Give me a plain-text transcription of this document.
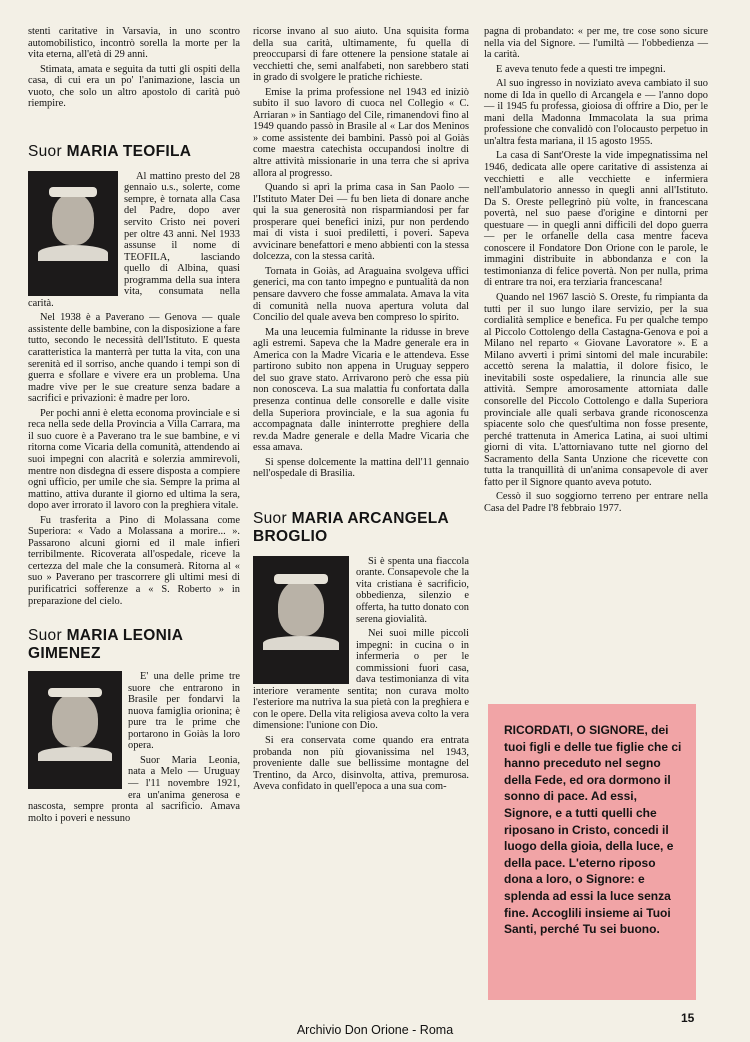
stenti caritative in Varsavia, in uno scontro automobilistico, incontrò sorella la morte per la vita eterna, all'età di 29 anni.

Stimata, amata e seguita da tutti gli ospiti della casa, di cui era un po' l'animazione, lascia un vuoto, che solo un altro apostolo di carità può riempire.

Suor MARIA TEOFILA

Al mattino presto del 28 gennaio u.s., solerte, come sempre, è tornata alla Casa del Padre, dopo aver servito Cristo nei poveri per oltre 43 anni. Nel 1933 assunse il nome di TEOFILA, lasciando quello di Albina, quasi programma della sua intera vita, consumata nella carità.

Nel 1938 è a Paverano — Genova — quale assistente delle bambine, con la disposizione a fare tutto, secondo le necessità dell'Istituto. E questa caratteristica la manterrà per tutta la vita, con una serenità ed il sorriso, anche quando i tempi son di guerra e sfollare e vivere era un problema. Una madre vive per le sue creature senza badare a sacrifici e privazioni: è madre per loro.

Per pochi anni è eletta economa provinciale e si reca nella sede della Provincia a Villa Carrara, ma il suo cuore è a Paverano tra le sue bambine, e vi ritorna come Vicaria della comunità, attendendo ai suoi impegni con alacrità e solerzia ammirevoli, mentre non disdegna di essere disposta a compiere ogni ufficio, per umile che sia. Sempre la prima al mattino, attiva durante il giorno ed ultima la sera, dopo aver irrorato il lavoro con la preghiera vitale.

Fu trasferita a Pino di Molassana come Superiora: « Vado a Molassana a morire... ». Passarono alcuni giorni ed il male infierì terribilmente. Ricoverata all'ospedale, riceve la certezza del male che la consumerà. Ritorna al « suo » Paverano per trascorrere gli ultimi mesi di purificatrici sofferenze a « S. Roberto » in preparazione del cielo.

Suor MARIA LEONIA
GIMENEZ

E' una delle prime tre suore che entrarono in Brasile per fondarvi la nuova famiglia orionina; è pure tra le prime che portarono in Goiàs la loro opera.

Suor Maria Leonia, nata a Melo — Uruguay — l'11 novembre 1921, era un'anima generosa e nascosta, sempre pronta al sacrificio. Amava molto i poveri e nessuno

ricorse invano al suo aiuto. Una squisita forma della sua carità, ultimamente, fu quella di preoccuparsi di fare ottenere la pensione statale ai vecchietti che, semi analfabeti, non sarebbero stati in grado di svolgere le pratiche richieste.

Emise la prima professione nel 1943 ed iniziò subito il suo lavoro di cuoca nel Collegio « C. Arriaran » in Santiago del Cile, rimanendovi fino al 1949 quando passò in Brasile al « Lar dos Meninos » come assistente dei bambini. Passò poi al Goiàs come maestra catechista occupandosi inoltre di altre attività missionarie in una terra che si apriva allora al progresso.

Quando si aprì la prima casa in San Paolo — l'Istituto Mater Dei — fu ben lieta di donare anche qui la sua generosità non risparmiandosi per far prosperare quei benefici inizi, pur non perdendo mai di vista i suoi prediletti, i poveri. Sapeva avvicinare benefattori e meno abbienti con la stessa dolcezza, con la stessa carità.

Tornata in Goiàs, ad Araguaina svolgeva uffici generici, ma con tanto impegno e puntualità da non pensare davvero che fosse ammalata. Amava la vita di comunità nella nuova apertura voluta dal Concilio del quale aveva ben compreso lo spirito.

Ma una leucemia fulminante la ridusse in breve agli estremi. Sapeva che la Madre generale era in America con la Madre Vicaria e le attendeva. Esse partirono subito non appena in Uruguay seppero del suo grave stato. Arrivarono però che essa più non conosceva. La sua malattia fu confortata dalla presenza continua delle consorelle e dalle visite della Superiora provinciale, e la sua agonia fu accompagnata dalle ininterrotte preghiere della rev.da Madre generale e della Madre Vicaria che essa amava.

Si spense dolcemente la mattina dell'11 gennaio nell'ospedale di Brasilia.

Suor MARIA ARCANGELA
BROGLIO

Si è spenta una fiaccola orante. Consapevole che la vita cristiana è sacrificio, obbedienza, silenzio e offerta, ha tutto donato con serena giovialità.

Nei suoi mille piccoli impegni: in cucina o in infermeria o per le commissioni fuori casa, dava testimonianza di vita interiore veramente sentita; non curava molto l'esteriore ma nutriva la sua pietà con la preghiera e con le opere. Della vita religiosa aveva colto la vera dimensione: l'unione con Dio.

Si era conservata come quando era entrata probanda non più giovanissima nel 1943, proveniente dalle sue bellissime montagne del Trentino, da Arco, disinvolta, attiva, premurosa. Aveva confidato in quell'epoca a una sua com-

pagna di probandato: « per me, tre cose sono sicure nella via del Signore. — l'umiltà — l'obbedienza — la carità.

E aveva tenuto fede a questi tre impegni.

Al suo ingresso in noviziato aveva cambiato il suo nome di Ida in quello di Arcangela e — l'anno dopo — il 1945 fu professa, gioiosa di offrire a Dio, per le mani della Madonna Immacolata la sua prima professione che convalidò con l'olocausto perpetuo in un'altra festa mariana, il 15 agosto 1955.

La casa di Sant'Oreste la vide impegnatissima nel 1946, dedicata alle opere caritative di assistenza ai vecchietti e alle vecchiette e infermiera nell'ambulatorio annesso in quegli anni all'Istituto. Da S. Oreste pellegrinò più volte, in francescana povertà, nel suo paese d'origine e dintorni per questuare — in quegli anni difficili del dopo guerra — per le orfanelle della casa mentre faceva conoscere il Fondatore Don Orione con le parole, le immagini distribuite in abbondanza e con la testimonianza di felice povertà. Non per nulla, prima di entrare tra noi, era terziaria francescana!

Quando nel 1967 lasciò S. Oreste, fu rimpianta da tutti per il suo lungo ilare servizio, per la sua cordialità semplice e benefica. Fu per qualche tempo al Piccolo Cottolengo della Castagna-Genova e poi a Milano nel reparto « Giovane Lavoratore ». E a Milano avvertì i primi sintomi del male incurabile: accettò serena la malattia, il dolore fisico, le inevitabili soste ospedaliere, la rinuncia alle sue attività. Sempre amorosamente attorniata dalle consorelle del Piccolo Cottolengo e dalla Superiora provinciale alle quali serbava grande riconoscenza spiacente solo che quest'ultima non fosse presente, perché trattenuta in America Latina, ai suoi ultimi giorni di vita. L'attorniavano tutte nel giorno del Sacramento della Santa Unzione che ricevette con tutta la tranquillità di un'anima consapevole di aver fatto per il Signore quanto aveva potuto.

Cessò il suo soggiorno terreno per entrare nella Casa del Padre l'8 febbraio 1977.

RICORDATI, O SIGNORE, dei tuoi figli e delle tue figlie che ci hanno preceduto nel segno della Fede, ed ora dormono il sonno di pace. Ad essi, Signore, e a tutti quelli che riposano in Cristo, concedi il luogo della gioia, della luce, e della pace. L'eterno riposo dona a loro, o Signore: e splenda ad essi la luce senza fine. Accoglili insieme ai Tuoi Santi, perché Tu sei buono.
15
Archivio Don Orione - Roma
